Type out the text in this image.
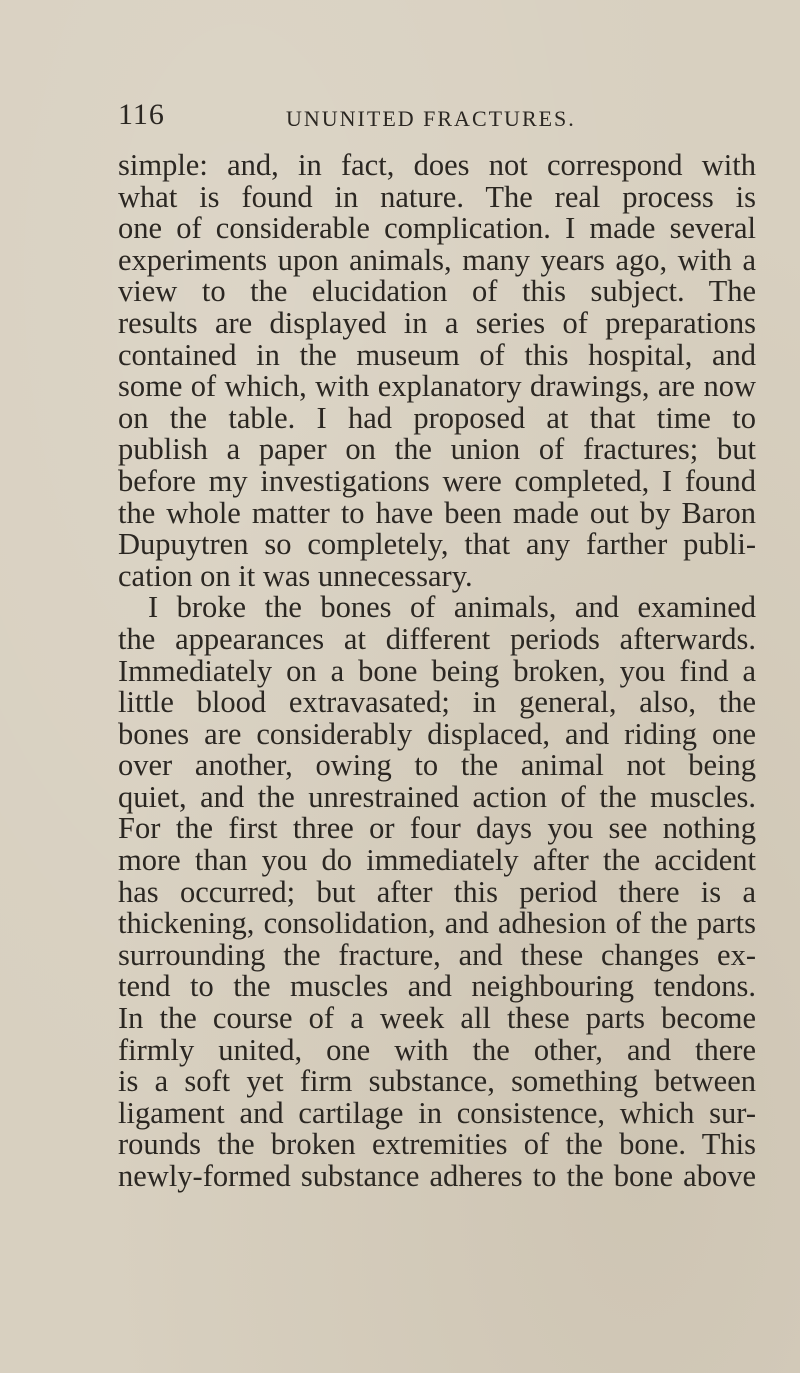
116	UNUNITED FRACTURES.
simple: and, in fact, does not correspond with
what is found in nature. The real process is
one of considerable complication. I made several
experiments upon animals, many years ago, with a
view to the elucidation of this subject. The
results are displayed in a series of preparations
contained in the museum of this hospital, and
some of which, with explanatory drawings, are now
on the table. I had proposed at that time to
publish a paper on the union of fractures; but
before my investigations were completed, I found
the whole matter to have been made out by Baron
Dupuytren so completely, that any farther publi-
cation on it was unnecessary.
I broke the bones of animals, and examined
the appearances at different periods afterwards.
Immediately on a bone being broken, you find a
little blood extravasated; in general, also, the
bones are considerably displaced, and riding one
over another, owing to the animal not being
quiet, and the unrestrained action of the muscles.
For the first three or four days you see nothing
more than you do immediately after the accident
has occurred; but after this period there is a
thickening, consolidation, and adhesion of the parts
surrounding the fracture, and these changes ex-
tend to the muscles and neighbouring tendons.
In the course of a week all these parts become
firmly united, one with the other, and there
is a soft yet firm substance, something between
ligament and cartilage in consistence, which sur-
rounds the broken extremities of the bone. This
newly-formed substance adheres to the bone above
